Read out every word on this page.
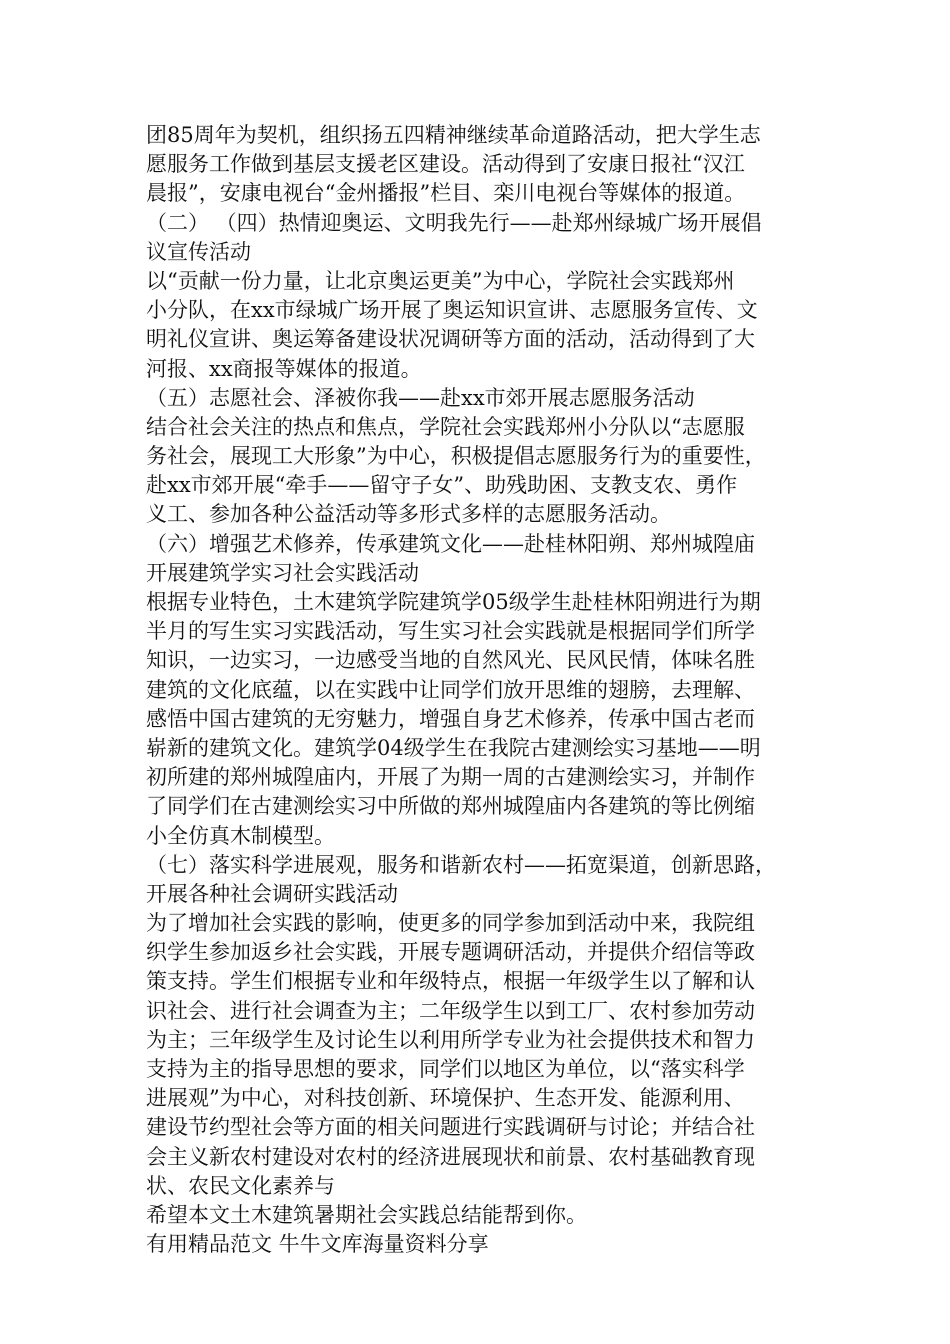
团85周年为契机，组织扬五四精神继续革命道路活动，把大学生志
愿服务工作做到基层支援老区建设。活动得到了安康日报社“汉江
晨报”，安康电视台“金州播报”栏目、栾川电视台等媒体的报道。
（二） （四）热情迎奥运、文明我先行——赴郑州绿城广场开展倡
议宣传活动
以“贡献一份力量，让北京奥运更美”为中心，学院社会实践郑州
小分队，在xx市绿城广场开展了奥运知识宣讲、志愿服务宣传、文
明礼仪宣讲、奥运筹备建设状况调研等方面的活动，活动得到了大
河报、xx商报等媒体的报道。
（五）志愿社会、泽被你我——赴xx市郊开展志愿服务活动
结合社会关注的热点和焦点，学院社会实践郑州小分队以“志愿服
务社会，展现工大形象”为中心，积极提倡志愿服务行为的重要性，
赴xx市郊开展“牵手——留守子女”、助残助困、支教支农、勇作
义工、参加各种公益活动等多形式多样的志愿服务活动。
（六）增强艺术修养，传承建筑文化——赴桂林阳朔、郑州城隍庙
开展建筑学实习社会实践活动
根据专业特色，土木建筑学院建筑学05级学生赴桂林阳朔进行为期
半月的写生实习实践活动，写生实习社会实践就是根据同学们所学
知识，一边实习，一边感受当地的自然风光、民风民情，体味名胜
建筑的文化底蕴，以在实践中让同学们放开思维的翅膀，去理解、
感悟中国古建筑的无穷魅力，增强自身艺术修养，传承中国古老而
崭新的建筑文化。建筑学04级学生在我院古建测绘实习基地——明
初所建的郑州城隍庙内，开展了为期一周的古建测绘实习，并制作
了同学们在古建测绘实习中所做的郑州城隍庙内各建筑的等比例缩
小全仿真木制模型。
（七）落实科学进展观，服务和谐新农村——拓宽渠道，创新思路，
开展各种社会调研实践活动
为了增加社会实践的影响，使更多的同学参加到活动中来，我院组
织学生参加返乡社会实践，开展专题调研活动，并提供介绍信等政
策支持。学生们根据专业和年级特点，根据一年级学生以了解和认
识社会、进行社会调查为主；二年级学生以到工厂、农村参加劳动
为主；三年级学生及讨论生以利用所学专业为社会提供技术和智力
支持为主的指导思想的要求，同学们以地区为单位，以“落实科学
进展观”为中心，对科技创新、环境保护、生态开发、能源利用、
建设节约型社会等方面的相关问题进行实践调研与讨论；并结合社
会主义新农村建设对农村的经济进展现状和前景、农村基础教育现
状、农民文化素养与
希望本文土木建筑暑期社会实践总结能帮到你。
有用精品范文 牛牛文库海量资料分享
